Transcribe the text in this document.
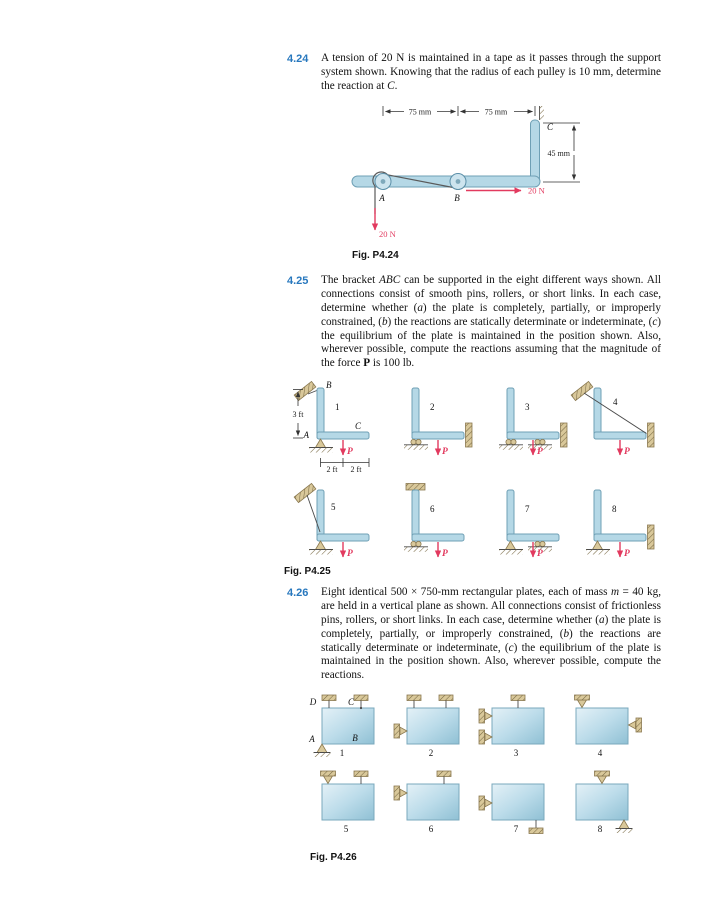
4.24	A tension of 20 N is maintained in a tape as it passes through the support system shown. Knowing that the radius of each pulley is 10 mm, determine the reaction at C.

75 mm	75 mm
C
45 mm
A	B
20 N
20 N
Fig. P4.24
4.25	The bracket ABC can be supported in the eight different ways shown. All connections consist of smooth pins, rollers, or short links. In each case, determine whether (a) the plate is completely, partially, or improperly constrained, (b) the reactions are statically determinate or indeterminate, (c) the equilibrium of the plate is maintained in the position shown. Also, wherever possible, compute the reactions assuming that the magnitude of the force P is 100 lb.

3 ft
B
1
C
A
P
2 ft 2 ft
2
P
3
P
4
P
5
P
6
P
7
P
8
P
Fig. P4.25
4.26	Eight identical 500 × 750-mm rectangular plates, each of mass m = 40 kg, are held in a vertical plane as shown. All connections consist of frictionless pins, rollers, or short links. In each case, determine whether (a) the plate is completely, partially, or improperly constrained, (b) the reactions are statically determinate or indeterminate, (c) the equilibrium of the plate is maintained in the position shown. Also, wherever possible, compute the reactions.

D	C
A	B
1	2	3	4
5	6	7	8
Fig. P4.26
